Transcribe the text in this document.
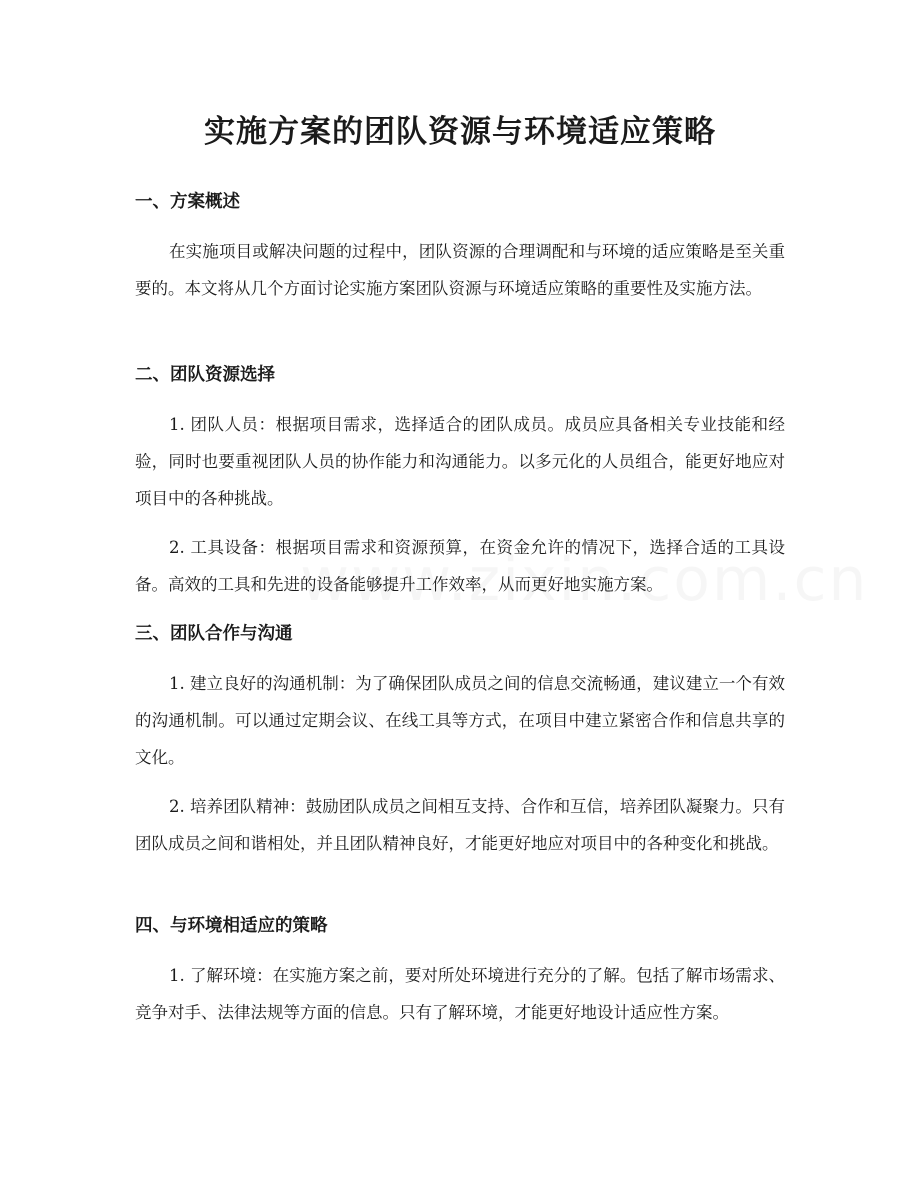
实施方案的团队资源与环境适应策略
一、方案概述

在实施项目或解决问题的过程中，团队资源的合理调配和与环境的适应策略是至关重要的。本文将从几个方面讨论实施方案团队资源与环境适应策略的重要性及实施方法。

二、团队资源选择

1. 团队人员：根据项目需求，选择适合的团队成员。成员应具备相关专业技能和经验，同时也要重视团队人员的协作能力和沟通能力。以多元化的人员组合，能更好地应对项目中的各种挑战。

2. 工具设备：根据项目需求和资源预算，在资金允许的情况下，选择合适的工具设备。高效的工具和先进的设备能够提升工作效率，从而更好地实施方案。

三、团队合作与沟通

1. 建立良好的沟通机制：为了确保团队成员之间的信息交流畅通，建议建立一个有效的沟通机制。可以通过定期会议、在线工具等方式，在项目中建立紧密合作和信息共享的文化。

2. 培养团队精神：鼓励团队成员之间相互支持、合作和互信，培养团队凝聚力。只有团队成员之间和谐相处，并且团队精神良好，才能更好地应对项目中的各种变化和挑战。

四、与环境相适应的策略

1. 了解环境：在实施方案之前，要对所处环境进行充分的了解。包括了解市场需求、竞争对手、法律法规等方面的信息。只有了解环境，才能更好地设计适应性方案。
